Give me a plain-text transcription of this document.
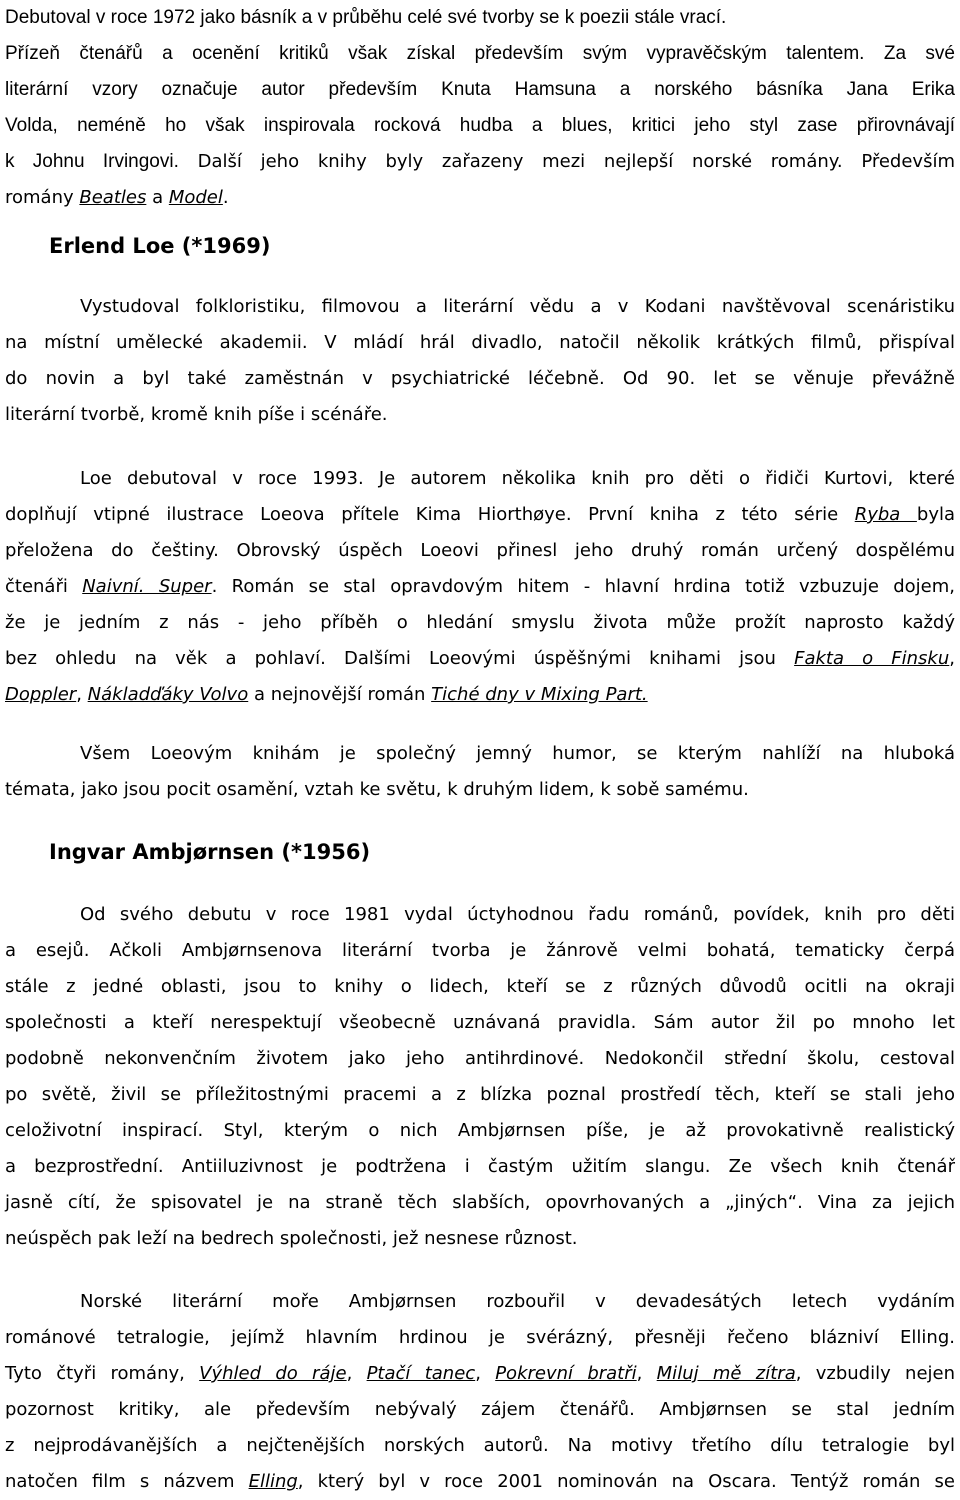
Debutoval v roce 1972 jako básník a v průběhu celé své tvorby se k poezii stále vrací.
Přízeň čtenářů a ocenění kritiků však získal především svým vypravěčským talentem. Za své
literární vzory označuje autor především Knuta Hamsuna a norského básníka Jana Erika
Volda, neméně ho však inspirovala rocková hudba a blues, kritici jeho styl zase přirovnávají
k Johnu Irvingovi. Další jeho knihy byly zařazeny mezi nejlepší norské romány. Především
romány Beatles a Model.
Erlend Loe (*1969)
Vystudoval folkloristiku, filmovou a literární vědu a v Kodani navštěvoval scenáristiku
na místní umělecké akademii. V mládí hrál divadlo, natočil několik krátkých filmů, přispíval
do novin a byl také zaměstnán v psychiatrické léčebně. Od 90. let se věnuje převážně
literární tvorbě, kromě knih píše i scénáře.
Loe debutoval v roce 1993. Je autorem několika knih pro děti o řidiči Kurtovi, které
doplňují vtipné ilustrace Loeova přítele Kima Hiorthøye. První kniha z této série Ryba byla
přeložena do češtiny. Obrovský úspěch Loeovi přinesl jeho druhý román určený dospělému
čtenáři Naivní. Super. Román se stal opravdovým hitem - hlavní hrdina totiž vzbuzuje dojem,
že je jedním z nás - jeho příběh o hledání smyslu života může prožít naprosto každý
bez ohledu na věk a pohlaví. Dalšími Loeovými úspěšnými knihami jsou Fakta o Finsku,
Doppler, Nákladďáky Volvo a nejnovější román Tiché dny v Mixing Part.
Všem Loeovým knihám je společný jemný humor, se kterým nahlíží na hluboká
témata, jako jsou pocit osamění, vztah ke světu, k druhým lidem, k sobě samému.
Ingvar Ambjørnsen (*1956)
Od svého debutu v roce 1981 vydal úctyhodnou řadu románů, povídek, knih pro děti
a esejů. Ačkoli Ambjørnsenova literární tvorba je žánrově velmi bohatá, tematicky čerpá
stále z jedné oblasti, jsou to knihy o lidech, kteří se z různých důvodů ocitli na okraji
společnosti a kteří nerespektují všeobecně uznávaná pravidla. Sám autor žil po mnoho let
podobně nekonvenčním životem jako jeho antihrdinové. Nedokončil střední školu, cestoval
po světě, živil se příležitostnými pracemi a z blízka poznal prostředí těch, kteří se stali jeho
celoživotní inspirací. Styl, kterým o nich Ambjørnsen píše, je až provokativně realistický
a bezprostřední. Antiiluzivnost je podtržena i častým užitím slangu. Ze všech knih čtenář
jasně cítí, že spisovatel je na straně těch slabších, opovrhovaných a „jiných“. Vina za jejich
neúspěch pak leží na bedrech společnosti, jež nesnese různost.
Norské literární moře Ambjørnsen rozbouřil v devadesátých letech vydáním
románové tetralogie, jejímž hlavním hrdinou je svérázný, přesněji řečeno blázniví Elling.
Tyto čtyři romány, Výhled do ráje, Ptačí tanec, Pokrevní bratři, Miluj mě zítra, vzbudily nejen
pozornost kritiky, ale především nebývalý zájem čtenářů. Ambjørnsen se stal jedním
z nejprodávanějších a nejčtenějších norských autorů. Na motivy třetího dílu tetralogie byl
natočen film s názvem Elling, který byl v roce 2001 nominován na Oscara. Tentýž román se
